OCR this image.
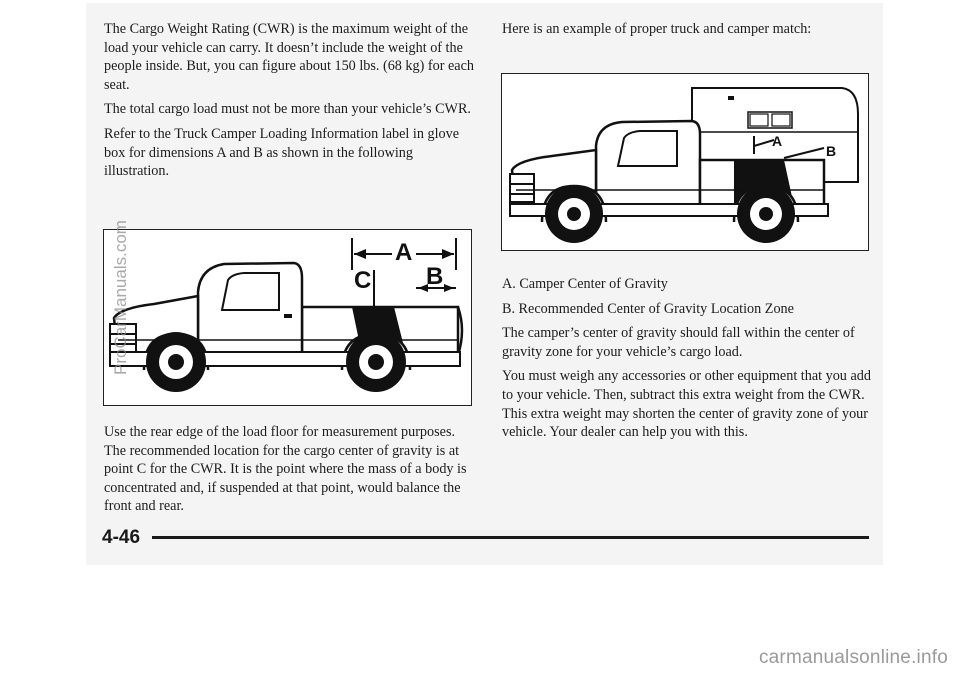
The Cargo Weight Rating (CWR) is the maximum weight of the load your vehicle can carry. It doesn’t include the weight of the people inside. But, you can figure about 150 lbs. (68 kg) for each seat.

The total cargo load must not be more than your vehicle’s CWR.

Refer to the Truck Camper Loading Information label in glove box for dimensions A and B as shown in the following illustration.

A
C B

Use the rear edge of the load floor for measurement purposes. The recommended location for the cargo center of gravity is at point C for the CWR. It is the point where the mass of a body is concentrated and, if suspended at that point, would balance the front and rear.

Here is an example of proper truck and camper match:

A
B

A. Camper Center of Gravity

B. Recommended Center of Gravity Location Zone

The camper’s center of gravity should fall within the center of gravity zone for your vehicle’s cargo load.

You must weigh any accessories or other equipment that you add to your vehicle. Then, subtract this extra weight from the CWR. This extra weight may shorten the center of gravity zone of your vehicle. Your dealer can help you with this.

4-46
ProCarManuals.com
carmanualsonline.info
